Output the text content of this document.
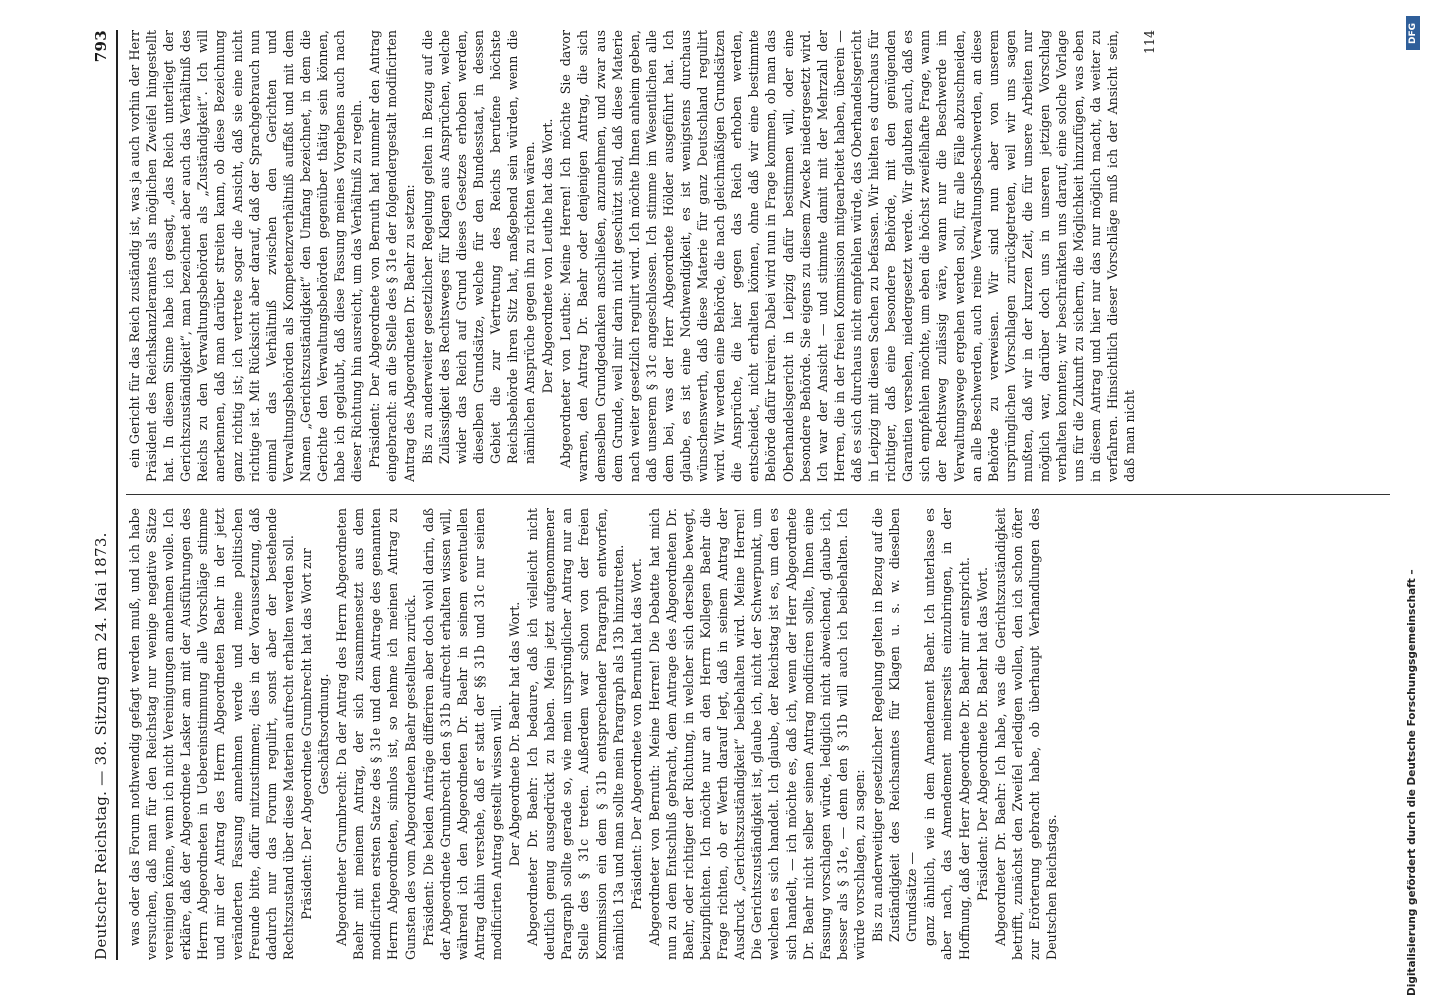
Deutscher Reichstag. — 38. Sitzung am 24. Mai 1873.
793

was oder das Forum nothwendig gefagt werden muß, und ich habe versuchen, daß man für den Reichstag nur wenige negative Sätze vereinigen könne, wenn ich nicht Vereinigungen annehmen wolle. Ich erkläre, daß der Abgeordnete Lasker am mit der Ausführungen des Herrn Abgeordneten in Uebereinstimmung alle Vorschläge stimme und mir der Antrag des Herrn Abgeordneten Baehr in der jetzt veränderten Fassung annehmen werde und meine politischen Freunde bitte, dafür mitzustimmen; dies in der Voraussetzung, daß dadurch nur das Forum regulirt, sonst aber der bestehende Rechtszustand über diese Materien aufrecht erhalten werden soll. Präsident: Der Abgeordnete Grumbrecht hat das Wort zur Geschäftsordnung. Abgeordneter Grumbrecht: Da der Antrag des Herrn Abgeordneten Baehr mit meinem Antrag, der sich zusammensetzt aus dem modificirten ersten Satze des § 31e und dem Antrage des genannten Herrn Abgeordneten, sinnlos ist, so nehme ich meinen Antrag zu Gunsten des vom Abgeordneten Baehr gestellten zurück. Präsident: Die beiden Anträge differiren aber doch wohl darin, daß der Abgeordnete Grumbrecht den § 31b aufrecht erhalten wissen will, während ich den Abgeordneten Dr. Baehr in seinem eventuellen Antrag dahin verstehe, daß er statt der §§ 31b und 31c nur seinen modificirten Antrag gestellt wissen will. Der Abgeordnete Dr. Baehr hat das Wort. Abgeordneter Dr. Baehr: Ich bedaure, daß ich vielleicht nicht deutlich genug ausgedrückt zu haben. Mein jetzt aufgenommener Paragraph sollte gerade so, wie mein ursprünglicher Antrag nur an Stelle des § 31c treten. Außerdem war schon von der freien Kommission ein dem § 31b entsprechender Paragraph entworfen, nämlich 13a und man sollte mein Paragraph als 13b hinzutreten. Präsident: Der Abgeordnete von Bernuth hat das Wort. Abgeordneter von Bernuth: Meine Herren! Die Debatte hat mich nun zu dem Entschluß gebracht, dem Antrage des Abgeordneten Dr. Baehr, oder richtiger der Richtung, in welcher sich derselbe bewegt, beizupflichten. Ich möchte nur an den Herrn Kollegen Baehr die Frage richten, ob er Werth darauf legt, daß in seinem Antrag der Ausdruck „Gerichtszuständigkeit“ beibehalten wird. Meine Herren! Die Gerichtszuständigkeit ist, glaube ich, nicht der Schwerpunkt, um welchen es sich handelt. Ich glaube, der Reichstag ist es, um den es sich handelt, — ich möchte es, daß ich, wenn der Herr Abgeordnete Dr. Baehr nicht selber seinen Antrag modificiren sollte, Ihnen eine Fassung vorschlagen würde, lediglich nicht abweichend, glaube ich, besser als § 31e, — denn den § 31b will auch ich beibehalten. Ich würde vorschlagen, zu sagen: Bis zu anderweitiger gesetzlicher Regelung gelten in Bezug auf die Zuständigkeit des Reichsamtes für Klagen u. s. w. dieselben Grundsätze — ganz ähnlich, wie in dem Amendement Baehr. Ich unterlasse es aber nach, das Amendement meinerseits einzubringen, in der Hoffnung, daß der Herr Abgeordnete Dr. Baehr mir entspricht. Präsident: Der Abgeordnete Dr. Baehr hat das Wort. Abgeordneter Dr. Baehr: Ich habe, was die Gerichtszuständigkeit betrifft, zunächst den Zweifel erledigen wollen, den ich schon öfter zur Erörterung gebracht habe, ob überhaupt Verhandlungen des Deutschen Reichstags.

ein Gericht für das Reich zuständig ist, was ja auch vorhin der Herr Präsident des Reichskanzleramtes als möglichen Zweifel hingestellt hat. In diesem Sinne habe ich gesagt, „das Reich unterliegt der Gerichtszuständigkeit“, man bezeichnet aber auch das Verhältniß des Reichs zu den Verwaltungsbehörden als „Zuständigkeit“. Ich will anerkennen, daß man darüber streiten kann, ob diese Bezeichnung ganz richtig ist; ich vertrete sogar die Ansicht, daß sie eine nicht richtige ist. Mit Rücksicht aber darauf, daß der Sprachgebrauch nun einmal das Verhältniß zwischen den Gerichten und Verwaltungsbehörden als Kompetenzverhältniß auffaßt und mit dem Namen „Gerichtszuständigkeit“ den Umfang bezeichnet, in dem die Gerichte den Verwaltungsbehörden gegenüber thätig sein können, habe ich geglaubt, daß diese Fassung meines Vorgehens auch nach dieser Richtung hin ausreicht, um das Verhältniß zu regeln. Präsident: Der Abgeordnete von Bernuth hat nunmehr den Antrag eingebracht: an die Stelle des § 31e der folgendergestalt modificirten Antrag des Abgeordneten Dr. Baehr zu setzen: Bis zu anderweiter gesetzlicher Regelung gelten in Bezug auf die Zulässigkeit des Rechtsweges für Klagen aus Ansprüchen, welche wider das Reich auf Grund dieses Gesetzes erhoben werden, dieselben Grundsätze, welche für den Bundesstaat, in dessen Gebiet die zur Vertretung des Reichs berufene höchste Reichsbehörde ihren Sitz hat, maßgebend sein würden, wenn die nämlichen Ansprüche gegen ihn zu richten wären. Der Abgeordnete von Leuthe hat das Wort. Abgeordneter von Leuthe: Meine Herren! Ich möchte Sie davor warnen, den Antrag Dr. Baehr oder denjenigen Antrag, die sich demselben Grundgedanken anschließen, anzunehmen, und zwar aus dem Grunde, weil mir darin nicht geschützt sind, daß diese Materie nach weiter gesetzlich regulirt wird. Ich möchte Ihnen anheim geben, daß unserem § 31c angeschlossen. Ich stimme im Wesentlichen alle dem bei, was der Herr Abgeordnete Hölder ausgeführt hat. Ich glaube, es ist eine Nothwendigkeit, es ist wenigstens durchaus wünschenswerth, daß diese Materie für ganz Deutschland regulirt wird. Wir werden eine Behörde, die nach gleichmäßigen Grundsätzen die Ansprüche, die hier gegen das Reich erhoben werden, entscheidet, nicht erhalten können, ohne daß wir eine bestimmte Behörde dafür kreiren. Dabei wird nun in Frage kommen, ob man das Oberhandelsgericht in Leipzig dafür bestimmen will, oder eine besondere Behörde. Sie eigens zu diesem Zwecke niedergesetzt wird. Ich war der Ansicht — und stimmte damit mit der Mehrzahl der Herren, die in der freien Kommission mitgearbeitet haben, überein — daß es sich durchaus nicht empfehlen würde, das Oberhandelsgericht in Leipzig mit diesen Sachen zu befassen. Wir hielten es durchaus für richtiger, daß eine besondere Behörde, mit den genügenden Garantien versehen, niedergesetzt werde. Wir glaubten auch, daß es sich empfehlen möchte, um eben die höchst zweifelhafte Frage, wann der Rechtsweg zulässig wäre, wann nur die Beschwerde im Verwaltungswege ergehen werden soll, für alle Fälle abzuschneiden, an alle Beschwerden, auch reine Verwaltungsbeschwerden, an diese Behörde zu verweisen. Wir sind nun aber von unserem ursprünglichen Vorschlagen zurückgetreten, weil wir uns sagen mußten, daß wir in der kurzen Zeit, die für unsere Arbeiten nur möglich war, darüber doch uns in unseren jetzigen Vorschlag verhalten konnten; wir beschränkten uns darauf, eine solche Vorlage uns für die Zukunft zu sichern, die Möglichkeit hinzufügen, was eben in diesem Antrag und hier nur das nur möglich macht, da weiter zu verfahren. Hinsichtlich dieser Vorschläge muß ich der Ansicht sein, daß man nicht

114	DFG
Digitalisierung gefördert durch die Deutsche Forschungsgemeinschaft –
